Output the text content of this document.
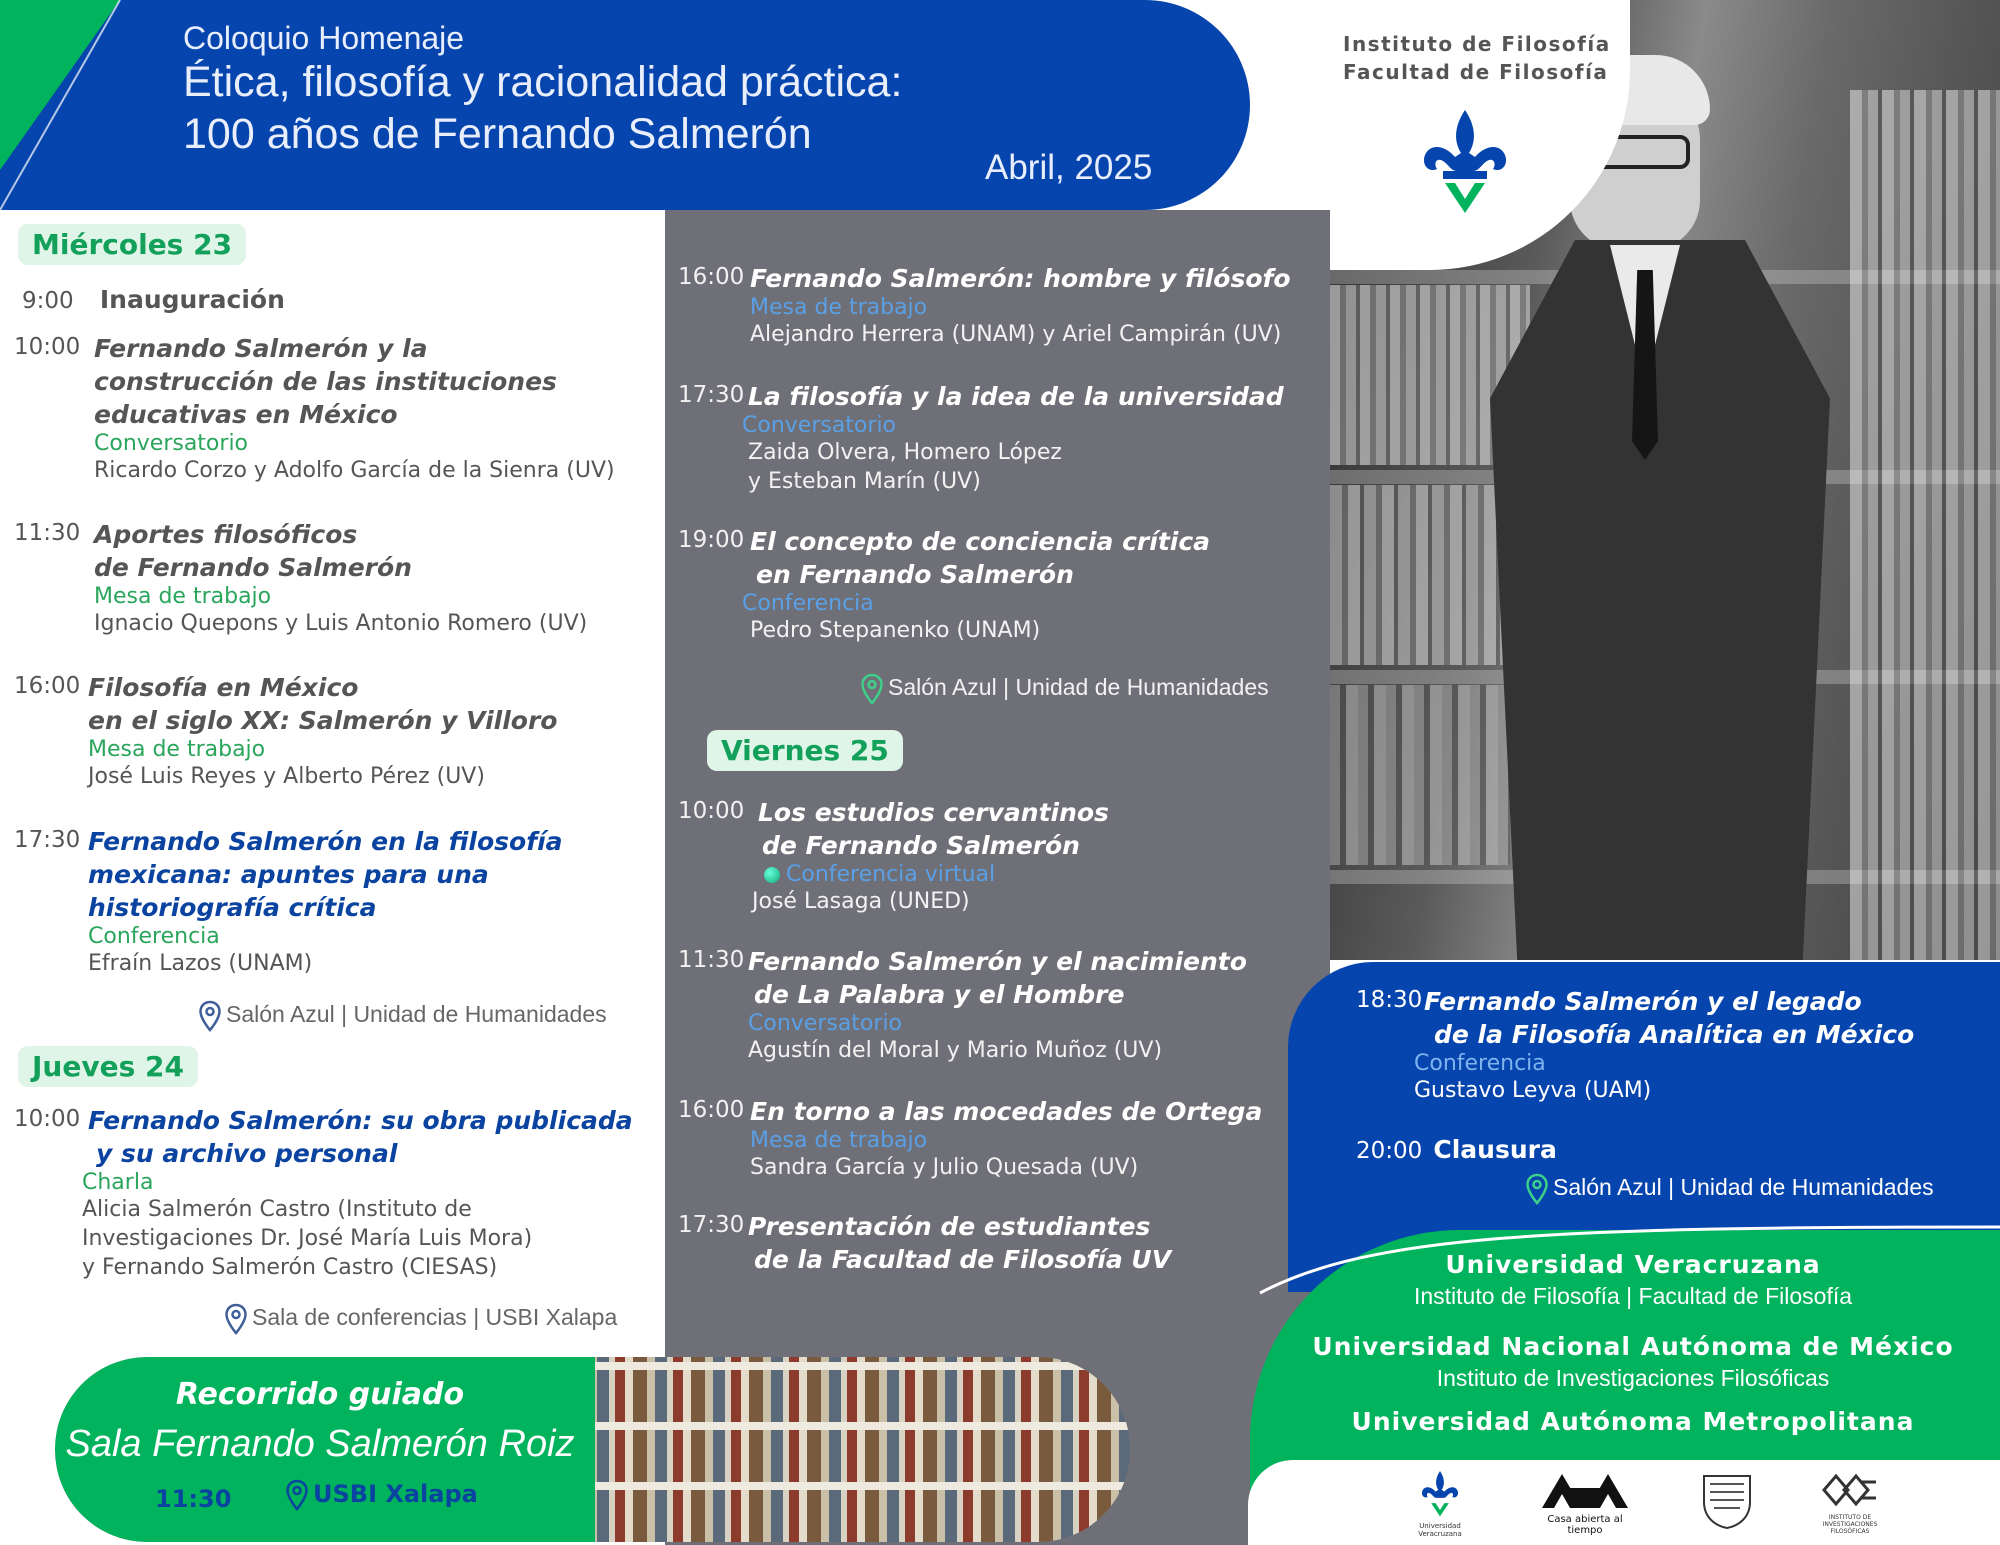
Coloquio Homenaje
Ética, filosofía y racionalidad práctica:
100 años de Fernando Salmerón
Abril, 2025
Miércoles 23
9:00 Inauguración
10:00 Fernando Salmerón y la
construcción de las instituciones
educativas en México
Conversatorio
Ricardo Corzo y Adolfo García de la Sienra (UV)
11:30 Aportes filosóficos
de Fernando Salmerón
Mesa de trabajo
Ignacio Quepons y Luis Antonio Romero (UV)
16:00 Filosofía en México
en el siglo XX: Salmerón y Villoro
Mesa de trabajo
José Luis Reyes y Alberto Pérez (UV)
17:30 Fernando Salmerón en la filosofía
mexicana: apuntes para una
historiografía crítica
Conferencia
Efraín Lazos (UNAM)
Salón Azul | Unidad de Humanidades
Jueves 24
10:00 Fernando Salmerón: su obra publicada
y su archivo personal
Charla
Alicia Salmerón Castro (Instituto de
Investigaciones Dr. José María Luis Mora)
y Fernando Salmerón Castro (CIESAS)
Sala de conferencias | USBI Xalapa
16:00 Fernando Salmerón: hombre y filósofo
Mesa de trabajo
Alejandro Herrera (UNAM) y Ariel Campirán (UV)
17:30 La filosofía y la idea de la universidad
Conversatorio
Zaida Olvera, Homero López
y Esteban Marín (UV)
19:00 El concepto de conciencia crítica
en Fernando Salmerón
Conferencia
Pedro Stepanenko (UNAM)
Salón Azul | Unidad de Humanidades
Viernes 25
10:00 Los estudios cervantinos
de Fernando Salmerón
Conferencia virtual
José Lasaga (UNED)
11:30 Fernando Salmerón y el nacimiento
de La Palabra y el Hombre
Conversatorio
Agustín del Moral y Mario Muñoz (UV)
16:00 En torno a las mocedades de Ortega
Mesa de trabajo
Sandra García y Julio Quesada (UV)
17:30 Presentación de estudiantes
de la Facultad de Filosofía UV
Instituto de Filosofía
Facultad de Filosofía
18:30 Fernando Salmerón y el legado
de la Filosofía Analítica en México
Conferencia
Gustavo Leyva (UAM)
20:00 Clausura
Salón Azul | Unidad de Humanidades
Universidad Veracruzana
Instituto de Filosofía | Facultad de Filosofía
Universidad Nacional Autónoma de México
Instituto de Investigaciones Filosóficas
Universidad Autónoma Metropolitana
Universidad Veracruzana
Casa abierta al tiempo
INSTITUTO DE
INVESTIGACIONES
FILOSÓFICAS
Recorrido guiado
Sala Fernando Salmerón Roiz
11:30	USBI Xalapa
